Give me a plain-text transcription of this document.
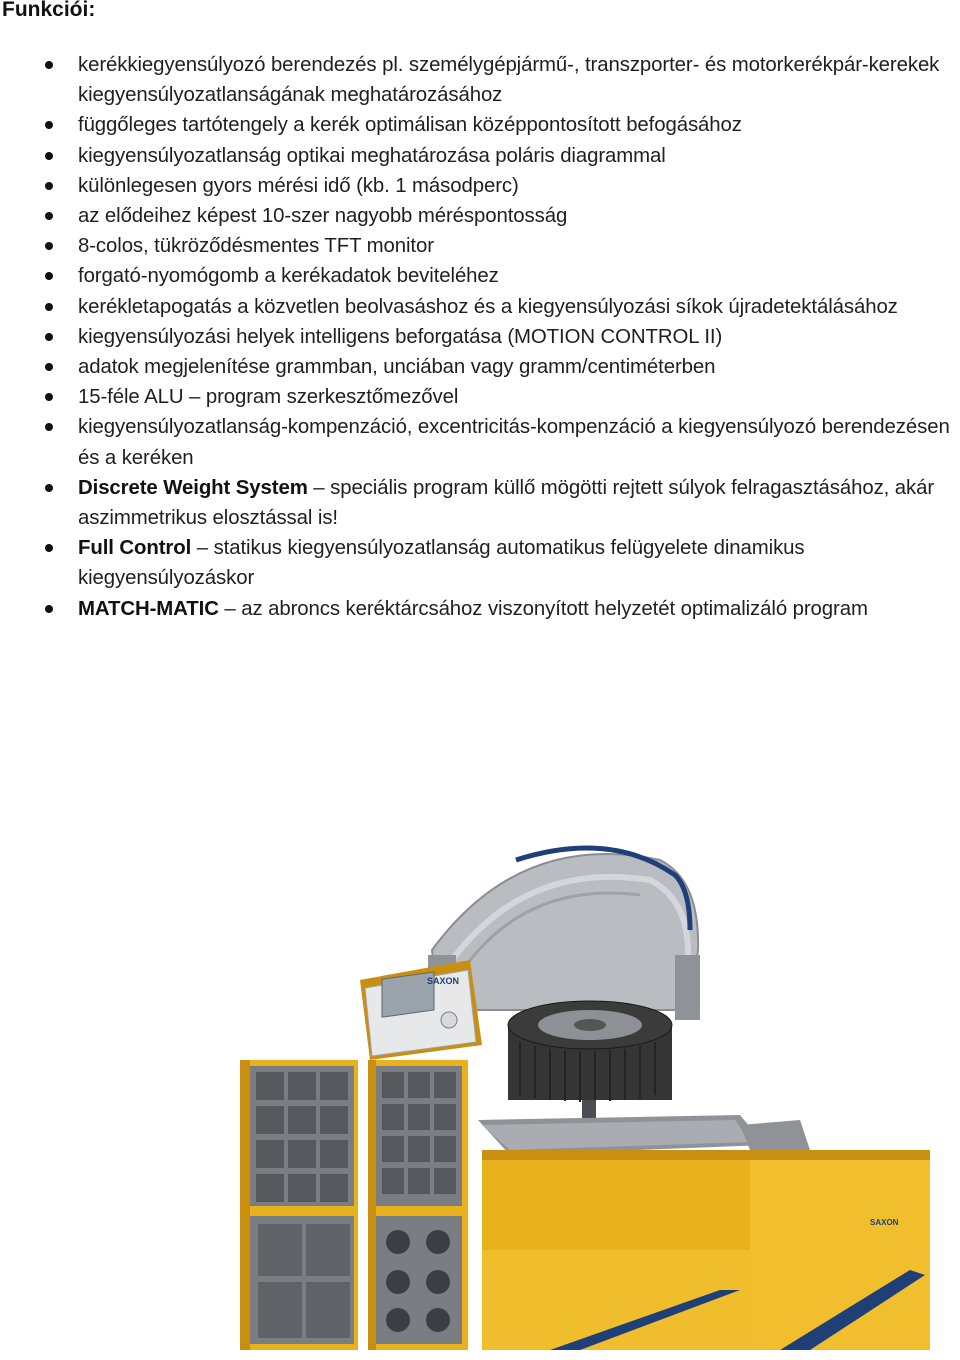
Funkciói:
kerékkiegyensúlyozó berendezés pl. személygépjármű-, transzporter- és motorkerékpár-kerekek kiegyensúlyozatlanságának meghatározásához
függőleges tartótengely a kerék optimálisan középpontosított befogásához
kiegyensúlyozatlanság optikai meghatározása poláris diagrammal
különlegesen gyors mérési idő (kb. 1 másodperc)
az elődeihez képest 10-szer nagyobb méréspontosság
8-colos, tükröződésmentes TFT monitor
forgató-nyomógomb a kerékadatok beviteléhez
kerékletapogatás a közvetlen beolvasáshoz és a kiegyensúlyozási síkok újradetektálásához
kiegyensúlyozási helyek intelligens beforgatása (MOTION CONTROL II)
adatok megjelenítése grammban, unciában vagy gramm/centiméterben
15-féle ALU – program szerkesztőmezővel
kiegyensúlyozatlanság-kompenzáció, excentricitás-kompenzáció a kiegyensúlyozó berendezésen és a keréken
Discrete Weight System – speciális program küllő mögötti rejtett súlyok felragasztásához, akár aszimmetrikus elosztással is!
Full Control – statikus kiegyensúlyozatlanság automatikus felügyelete dinamikus kiegyensúlyozáskor
MATCH-MATIC – az abroncs keréktárcsához viszonyított helyzetét optimalizáló program
SAXON
SAXON
